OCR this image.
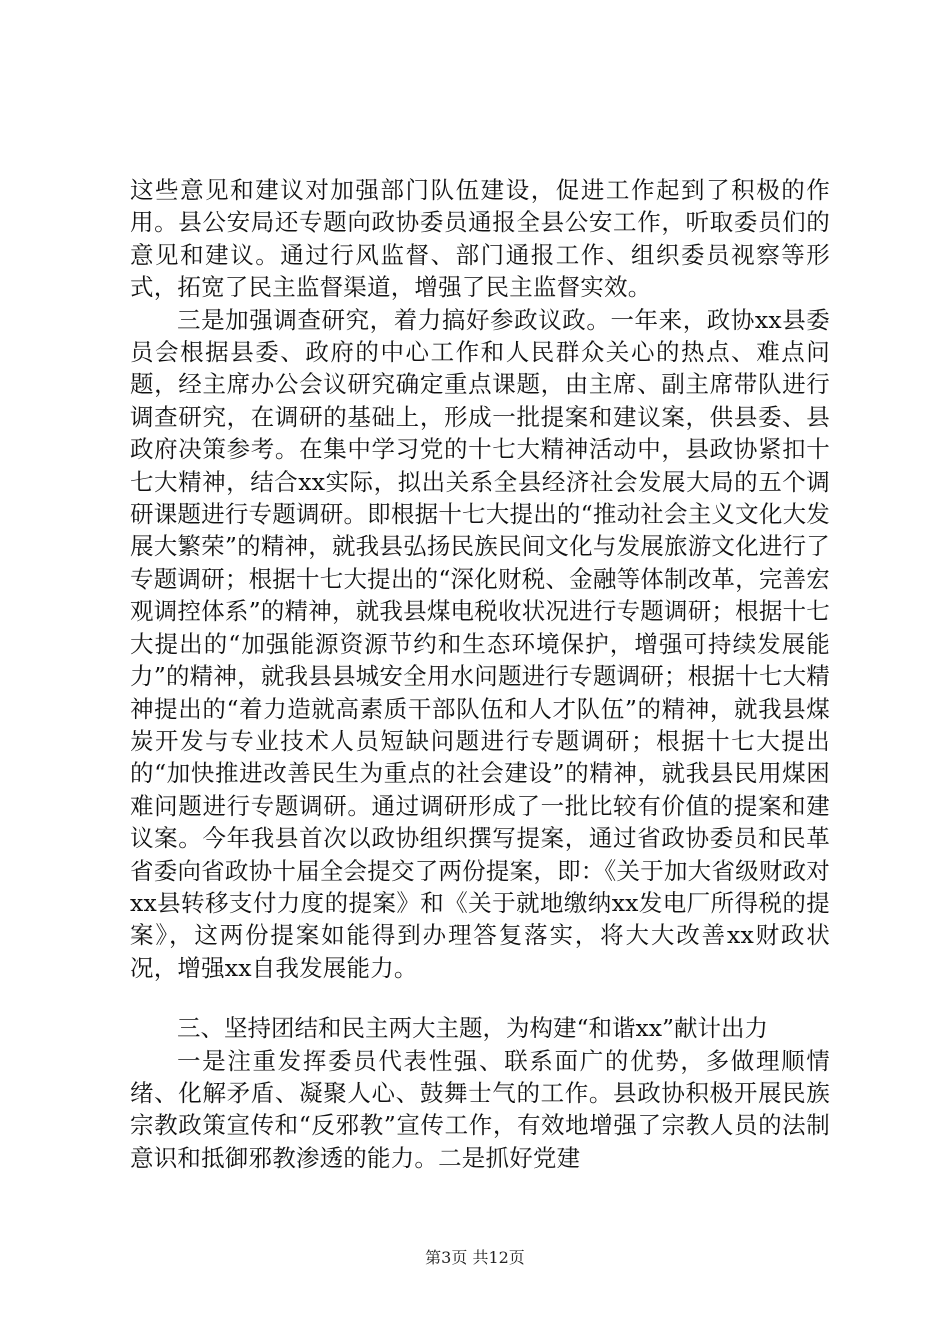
这些意见和建议对加强部门队伍建设，促进工作起到了积极的作用。县公安局还专题向政协委员通报全县公安工作，听取委员们的意见和建议。通过行风监督、部门通报工作、组织委员视察等形式，拓宽了民主监督渠道，增强了民主监督实效。

三是加强调查研究，着力搞好参政议政。一年来，政协xx县委员会根据县委、政府的中心工作和人民群众关心的热点、难点问题，经主席办公会议研究确定重点课题，由主席、副主席带队进行调查研究，在调研的基础上，形成一批提案和建议案，供县委、县政府决策参考。在集中学习党的十七大精神活动中，县政协紧扣十七大精神，结合xx实际，拟出关系全县经济社会发展大局的五个调研课题进行专题调研。即根据十七大提出的“推动社会主义文化大发展大繁荣”的精神，就我县弘扬民族民间文化与发展旅游文化进行了专题调研；根据十七大提出的“深化财税、金融等体制改革，完善宏观调控体系”的精神，就我县煤电税收状况进行专题调研；根据十七大提出的“加强能源资源节约和生态环境保护，增强可持续发展能力”的精神，就我县县城安全用水问题进行专题调研；根据十七大精神提出的“着力造就高素质干部队伍和人才队伍”的精神，就我县煤炭开发与专业技术人员短缺问题进行专题调研；根据十七大提出的“加快推进改善民生为重点的社会建设”的精神，就我县民用煤困难问题进行专题调研。通过调研形成了一批比较有价值的提案和建议案。今年我县首次以政协组织撰写提案，通过省政协委员和民革省委向省政协十届全会提交了两份提案，即：《关于加大省级财政对xx县转移支付力度的提案》和《关于就地缴纳xx发电厂所得税的提案》，这两份提案如能得到办理答复落实，将大大改善xx财政状况，增强xx自我发展能力。

三、坚持团结和民主两大主题，为构建“和谐xx”献计出力

一是注重发挥委员代表性强、联系面广的优势，多做理顺情绪、化解矛盾、凝聚人心、鼓舞士气的工作。县政协积极开展民族宗教政策宣传和“反邪教”宣传工作，有效地增强了宗教人员的法制意识和抵御邪教渗透的能力。二是抓好党建

第3页 共12页
